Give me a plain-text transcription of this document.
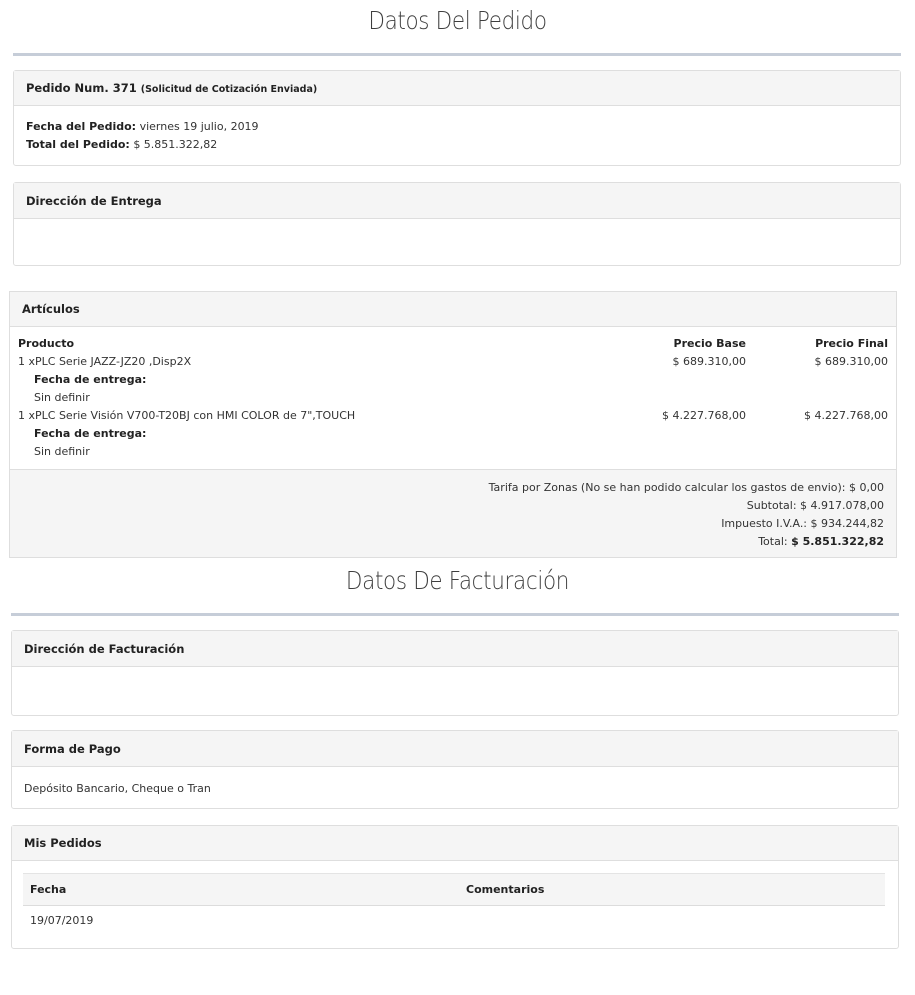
Datos Del Pedido
Pedido Num. 371 (Solicitud de Cotización Enviada)
Fecha del Pedido: viernes 19 julio, 2019
Total del Pedido: $ 5.851.322,82
Dirección de Entrega
Artículos
Producto	Precio Base	Precio Final
1 xPLC Serie JAZZ-JZ20 ,Disp2X	$ 689.310,00	$ 689.310,00
Fecha de entrega:
Sin definir
1 xPLC Serie Visión V700-T20BJ con HMI COLOR de 7",TOUCH	$ 4.227.768,00	$ 4.227.768,00
Fecha de entrega:
Sin definir
Tarifa por Zonas (No se han podido calcular los gastos de envio): $ 0,00
Subtotal: $ 4.917.078,00
Impuesto I.V.A.: $ 934.244,82
Total: $ 5.851.322,82
Datos De Facturación
Dirección de Facturación
Forma de Pago
Depósito Bancario, Cheque o Tran
Mis Pedidos
Fecha	Comentarios
19/07/2019
